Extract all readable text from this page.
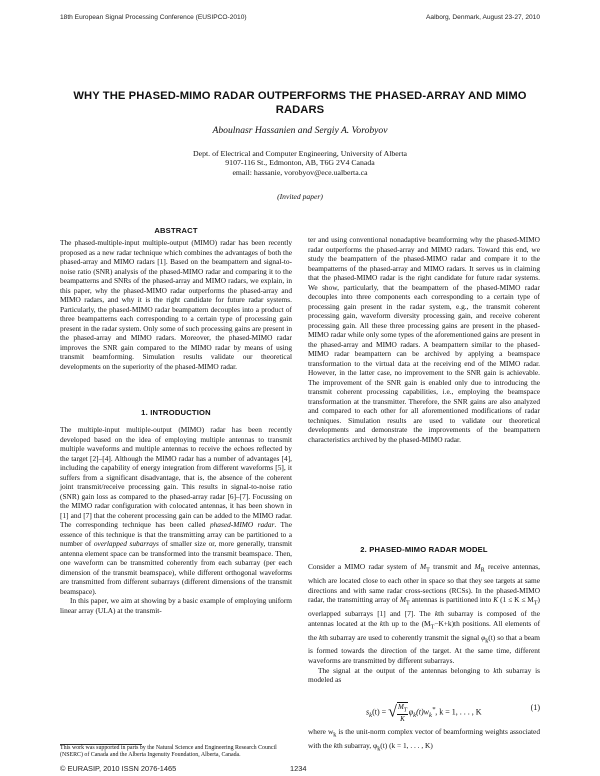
18th European Signal Processing Conference (EUSIPCO-2010)	Aalborg, Denmark, August 23-27, 2010
WHY THE PHASED-MIMO RADAR OUTPERFORMS THE PHASED-ARRAY AND MIMO RADARS
Aboulnasr Hassanien and Sergiy A. Vorobyov
Dept. of Electrical and Computer Engineering, University of Alberta
9107-116 St., Edmonton, AB, T6G 2V4 Canada
email: hassanie, vorobyov@ece.ualberta.ca
(Invited paper)
ABSTRACT

The phased-multiple-input multiple-output (MIMO) radar has been recently proposed as a new radar technique which combines the advantages of both the phased-array and MIMO radars [1]. Based on the beampattern and signal-to-noise ratio (SNR) analysis of the phased-MIMO radar and comparing it to the beampatterns and SNRs of the phased-array and MIMO radars, we explain, in this paper, why the phased-MIMO radar outperforms the phased-array and MIMO radars, and why it is the right candidate for future radar systems. Particularly, the phased-MIMO radar beampattern decouples into a product of three beampatterns each corresponding to a certain type of processing gain present in the radar system. Only some of such processing gains are present in the phased-array and MIMO radars. Moreover, the phased-MIMO radar improves the SNR gain compared to the MIMO radar by means of using transmit beamforming. Simulation results validate our theoretical developments on the superiority of the phased-MIMO radar.

1. INTRODUCTION

The multiple-input multiple-output (MIMO) radar has been recently developed based on the idea of employing multiple antennas to transmit multiple waveforms and multiple antennas to receive the echoes reflected by the target [2]–[4]. Although the MIMO radar has a number of advantages [4], including the capability of energy integration from different waveforms [5], it suffers from a significant disadvantage, that is, the absence of the coherent joint transmit/receive processing gain. This results in signal-to-noise ratio (SNR) gain loss as compared to the phased-array radar [6]–[7]. Focussing on the MIMO radar configuration with colocated antennas, it has been shown in [1] and [7] that the coherent processing gain can be added to the MIMO radar. The corresponding technique has been called phased-MIMO radar. The essence of this technique is that the transmitting array can be partitioned to a number of overlapped subarrays of smaller size or, more generally, transmit antenna element space can be transformed into the transmit beamspace. Then, one waveform can be transmitted coherently from each subarray (per each dimension of the transmit beamspace), while different orthogonal waveforms are transmitted from different subarrays (different dimensions of the transmit beamspace).

In this paper, we aim at showing by a basic example of employing uniform linear array (ULA) at the transmit-

This work was supported in parts by the Natural Science and Engineering Research Council (NSERC) of Canada and the Alberta Ingenuity Foundation, Alberta, Canada.

ter and using conventional nonadaptive beamforming why the phased-MIMO radar outperforms the phased-array and MIMO radars. Toward this end, we study the beampattern of the phased-MIMO radar and compare it to the beampatterns of the phased-array and MIMO radars. It serves us in claiming that the phased-MIMO radar is the right candidate for future radar systems. We show, particularly, that the beampattern of the phased-MIMO radar decouples into three components each corresponding to a certain type of processing gain present in the radar system, e.g., the transmit coherent processing gain, waveform diversity processing gain, and receive coherent processing gain. All these three processing gains are present in the phased-MIMO radar while only some types of the aforementioned gains are present in the phased-array and MIMO radars. A beampattern similar to the phased-MIMO radar beampattern can be archived by applying a beamspace transformation to the virtual data at the receiving end of the MIMO radar. However, in the latter case, no improvement to the SNR gain is achievable. The improvement of the SNR gain is enabled only due to introducing the transmit coherent processing capabilities, i.e., employing the beamspace transformation at the transmitter. Therefore, the SNR gains are also analyzed and compared to each other for all aforementioned modifications of radar techniques. Simulation results are used to validate our theoretical developments and demonstrate the improvements of the beampattern characteristics archived by the phased-MIMO radar.

2. PHASED-MIMO RADAR MODEL

Consider a MIMO radar system of $M_T$ transmit and $M_R$ receive antennas, which are located close to each other in space so that they see targets at same directions and with same radar cross-sections (RCSs). In the phased-MIMO radar, the transmitting array of $M_T$ antennas is partitioned into K $(1 \le K \le M_T)$ overlapped subarrays [1] and [7]. The kth subarray is composed of the antennas located at the kth up to the $(M_T-K+k)th$ positions. All elements of the kth subarray are used to coherently transmit the signal $\varphi_k(t)$ so that a beam is formed towards the direction of the target. At the same time, different waveforms are transmitted by different subarrays.

The signal at the output of the antennas belonging to kth subarray is modeled as

$s_k(t)$ = √ $\frac{M_T}{K}$
  $\varphi_k(t)w_k^*$, k = 1, . . . , K
(1)

where $w_k$ is the unit-norm complex vector of beamforming weights associated with the kth subarray, $\varphi_k(t) (k = 1$, . . . , K)

© EURASIP, 2010 ISSN 2076-1465	1234
